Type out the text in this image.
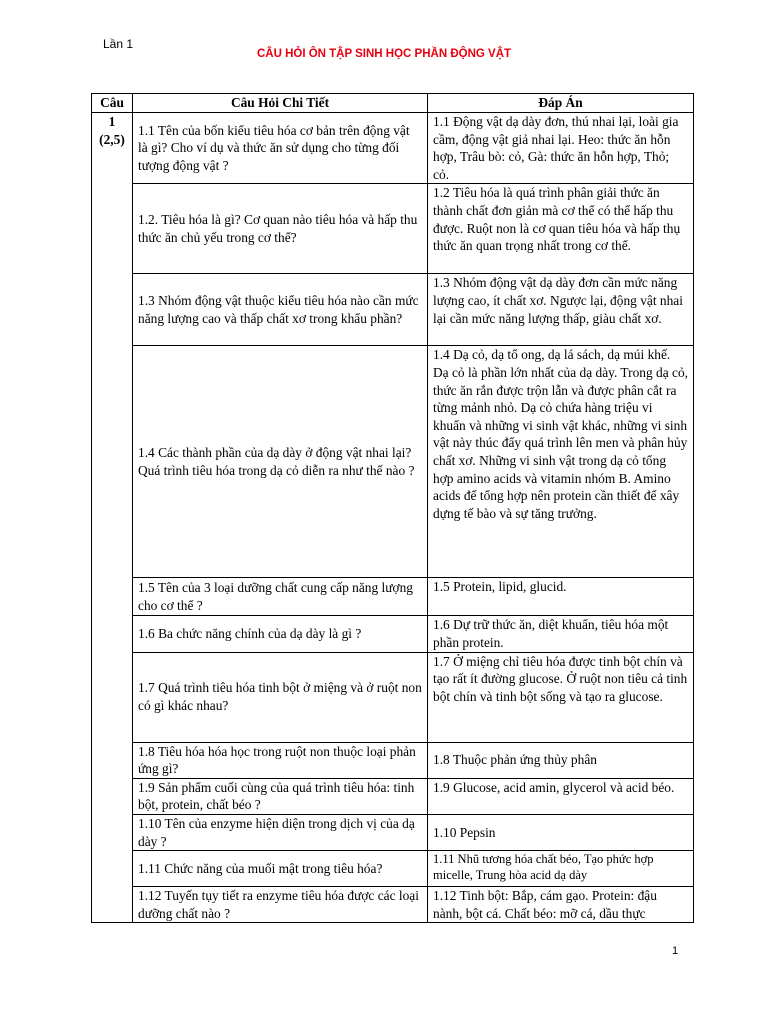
Lần 1
CÂU HỎI ÔN TẬP SINH HỌC PHẦN ĐỘNG VẬT
Câu	Câu Hỏi Chi Tiết	Đáp Án

1
(2,5)	1.1 Tên của bốn kiểu tiêu hóa cơ bản trên động vật là gì? Cho ví dụ và thức ăn sử dụng cho từng đối tượng động vật ?	1.1 Động vật dạ dày đơn, thú nhai lại, loài gia cầm, động vật giả nhai lại. Heo: thức ăn hỗn hợp, Trâu bò: cỏ, Gà: thức ăn hỗn hợp, Thỏ; cỏ.
	1.2. Tiêu hóa là gì? Cơ quan nào tiêu hóa và hấp thu thức ăn chủ yếu trong cơ thể?	1.2 Tiêu hóa là quá trình phân giải thức ăn thành chất đơn giản mà cơ thể có thể hấp thu được. Ruột non là cơ quan tiêu hóa và hấp thụ thức ăn quan trọng nhất trong cơ thể.
	1.3 Nhóm động vật thuộc kiểu tiêu hóa nào cần mức năng lượng cao và thấp chất xơ trong khẩu phần?	1.3 Nhóm động vật dạ dày đơn cần mức năng lượng cao, ít chất xơ. Ngược lại, động vật nhai lại cần mức năng lượng thấp, giàu chất xơ.
	1.4 Các thành phần của dạ dày ở động vật nhai lại? Quá trình tiêu hóa trong dạ cỏ diễn ra như thế nào ?	1.4 Dạ cỏ, dạ tổ ong, dạ lá sách, dạ múi khế. Dạ cỏ là phần lớn nhất của dạ dày. Trong dạ cỏ, thức ăn rắn được trộn lẫn và được phân cắt ra từng mảnh nhỏ. Dạ cỏ chứa hàng triệu vi khuẩn và những vi sinh vật khác, những vi sinh vật này thúc đẩy quá trình lên men và phân hủy chất xơ. Những vi sinh vật trong dạ cỏ tổng hợp amino acids và vitamin nhóm B. Amino acids để tổng hợp nên protein cần thiết để xây dựng tế bào và sự tăng trưởng.
	1.5 Tên của 3 loại dưỡng chất cung cấp năng lượng cho cơ thể ?	1.5 Protein, lipid, glucid.
	1.6 Ba chức năng chính của dạ dày là gì ?	1.6 Dự trữ thức ăn, diệt khuẩn, tiêu hóa một phần protein.
	1.7 Quá trình tiêu hóa tinh bột ở miệng và ở ruột non có gì khác nhau?	1.7 Ở miệng chỉ tiêu hóa được tinh bột chín và tạo rất ít đường glucose. Ở ruột non tiêu cả tinh bột chín và tinh bột sống và tạo ra glucose.
	1.8 Tiêu hóa hóa học trong ruột non thuộc loại phản ứng gì?	1.8 Thuộc phản ứng thủy phân
	1.9 Sản phẩm cuối cùng của quá trình tiêu hóa: tinh bột, protein, chất béo ?	1.9 Glucose, acid amin, glycerol và acid béo.
	1.10 Tên của enzyme hiện diện trong dịch vị của dạ dày ?	1.10 Pepsin
	1.11 Chức năng của muối mật trong tiêu hóa?	1.11 Nhũ tương hóa chất béo, Tạo phức hợp micelle, Trung hòa acid dạ dày
	1.12 Tuyến tụy tiết ra enzyme tiêu hóa được các loại dưỡng chất nào ?	1.12 Tinh bột: Bắp, cám gạo. Protein: đậu nành, bột cá. Chất béo: mỡ cá, dầu thực
1
